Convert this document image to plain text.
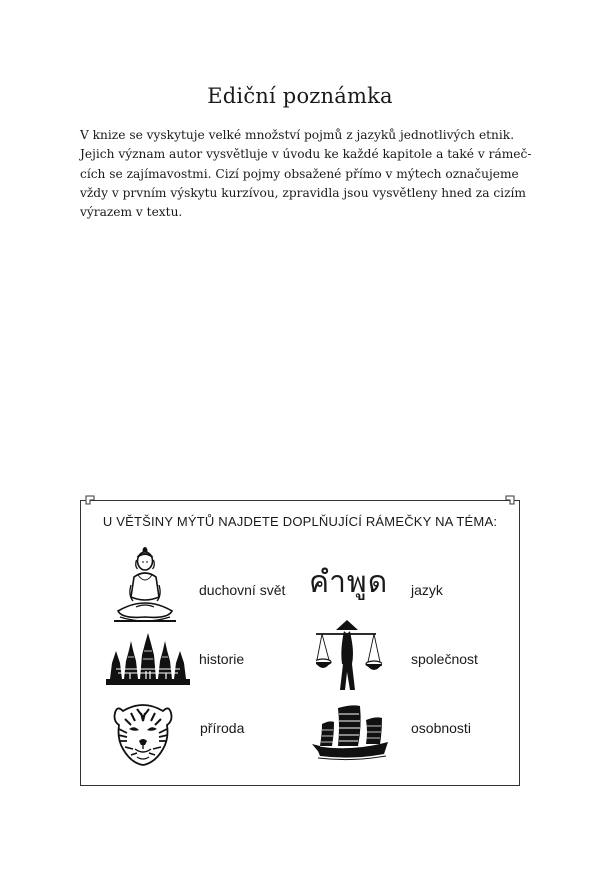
Ediční poznámka

V knize se vyskytuje velké množství pojmů z jazyků jednotlivých etnik.
Jejich význam autor vysvětluje v úvodu ke každé kapitole a také v rámeč-
cích se zajímavostmi. Cizí pojmy obsažené přímo v mýtech označujeme
vždy v prvním výskytu kurzívou, zpravidla jsou vysvětleny hned za cizím
výrazem v textu.

U VĚTŠINY MÝTŮ NAJDETE DOPLŇUJÍCÍ RÁMEČKY NA TÉMA:
duchovní svět คำพูด jazyk
historie	společnost
příroda	osobnosti
